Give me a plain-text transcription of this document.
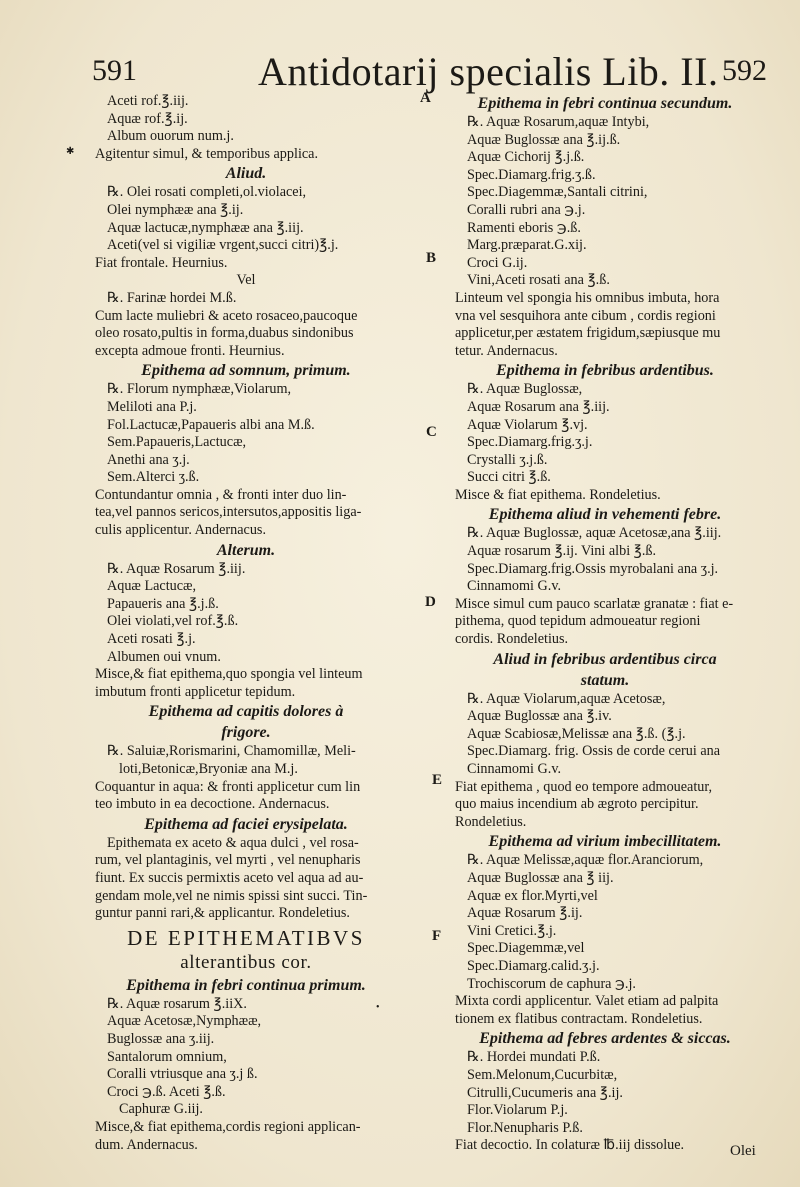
591	Antidotarij specialis Lib. II. 592
✱
A
B
C
D
E
F
Aceti rof.℥.iij.
Aquæ rof.℥.ij.
Album ouorum num.j.
Agitentur simul, & temporibus applica.
Aliud.
℞. Olei rosati completi,ol.violacei,
Olei nymphææ ana ℥.ij.
Aquæ lactucæ,nymphææ ana ℥.iij.
Aceti(vel si vigiliæ vrgent,succi citri)℥.j.
Fiat frontale. Heurnius.
Vel
℞. Farinæ hordei M.ß.
Cum lacte muliebri & aceto rosaceo,paucoque
oleo rosato,pultis in forma,duabus sindonibus
excepta admoue fronti. Heurnius.
Epithema ad somnum, primum.
℞. Florum nymphææ,Violarum,
Meliloti ana P.j.
Fol.Lactucæ,Papaueris albi ana M.ß.
Sem.Papaueris,Lactucæ,
Anethi ana ʒ.j.
Sem.Alterci ʒ.ß.
Contundantur omnia , & fronti inter duo lin-
tea,vel pannos sericos,intersutos,appositis liga-
culis applicentur. Andernacus.
Alterum.
℞. Aquæ Rosarum ℥.iij.
Aquæ Lactucæ,
Papaueris ana ℥.j.ß.
Olei violati,vel rof.℥.ß.
Aceti rosati ℥.j.
Albumen oui vnum.
Misce,& fiat epithema,quo spongia vel linteum
imbutum fronti applicetur tepidum.
Epithema ad capitis dolores à
frigore.
℞. Saluiæ,Rorismarini, Chamomillæ, Meli-
loti,Betonicæ,Bryoniæ ana M.j.
Coquantur in aqua: & fronti applicetur cum lin
teo imbuto in ea decoctione. Andernacus.
Epithema ad faciei erysipelata.
Epithemata ex aceto & aqua dulci , vel rosa-
rum, vel plantaginis, vel myrti , vel nenupharis
fiunt. Ex succis permixtis aceto vel aqua ad au-
gendam mole,vel ne nimis spissi sint succi. Tin-
guntur panni rari,& applicantur. Rondeletius.
DE EPITHEMATIBVS
alterantibus cor.
Epithema in febri continua primum.
℞. Aquæ rosarum ℥.iiX.
Aquæ Acetosæ,Nymphææ,
Buglossæ ana ʒ.iij.
Santalorum omnium,
Coralli vtriusque ana ʒ.j ß.
Croci ℈.ß. Aceti ℥.ß.
Caphuræ G.iij.
Misce,& fiat epithema,cordis regioni applican-
dum. Andernacus.
Epithema in febri continua secundum.
℞. Aquæ Rosarum,aquæ Intybi,
Aquæ Buglossæ ana ℥.ij.ß.
Aquæ Cichorij ℥.j.ß.
Spec.Diamarg.frig.ʒ.ß.
Spec.Diagemmæ,Santali citrini,
Coralli rubri ana ℈.j.
Ramenti eboris ℈.ß.
Marg.præparat.G.xij.
Croci G.ij.
Vini,Aceti rosati ana ℥.ß.
Linteum vel spongia his omnibus imbuta, hora
vna vel sesquihora ante cibum , cordis regioni
applicetur,per æstatem frigidum,sæpiusque mu
tetur. Andernacus.
Epithema in febribus ardentibus.
℞. Aquæ Buglossæ,
Aquæ Rosarum ana ℥.iij.
Aquæ Violarum ℥.vj.
Spec.Diamarg.frig.ʒ.j.
Crystalli ʒ.j.ß.
Succi citri ℥.ß.
Misce & fiat epithema. Rondeletius.
Epithema aliud in vehementi febre.
℞. Aquæ Buglossæ, aquæ Acetosæ,ana ℥.iij.
Aquæ rosarum ℥.ij. Vini albi ℥.ß.
Spec.Diamarg.frig.Ossis myrobalani ana ʒ.j.
Cinnamomi G.v.
Misce simul cum pauco scarlatæ granatæ : fiat e-
pithema, quod tepidum admoueatur regioni
cordis. Rondeletius.
Aliud in febribus ardentibus circa
statum.
℞. Aquæ Violarum,aquæ Acetosæ,
Aquæ Buglossæ ana ℥.iv.
Aquæ Scabiosæ,Melissæ ana ℥.ß. (℥.j.
Spec.Diamarg. frig. Ossis de corde cerui ana
Cinnamomi G.v.
Fiat epithema , quod eo tempore admoueatur,
quo maius incendium ab ægroto percipitur.
Rondeletius.
Epithema ad virium imbecillitatem.
℞. Aquæ Melissæ,aquæ flor.Aranciorum,
Aquæ Buglossæ ana ℥ iij.
Aquæ ex flor.Myrti,vel
Aquæ Rosarum ℥.ij.
Vini Cretici.℥.j.
Spec.Diagemmæ,vel
Spec.Diamarg.calid.ʒ.j.
Trochiscorum de caphura ℈.j.
Mixta cordi applicentur. Valet etiam ad palpita
tionem ex flatibus contractam. Rondeletius.
Epithema ad febres ardentes & siccas.
℞. Hordei mundati P.ß.
Sem.Melonum,Cucurbitæ,
Citrulli,Cucumeris ana ℥.ij.
Flor.Violarum P.j.
Flor.Nenupharis P.ß.
Fiat decoctio. In colaturæ ℔.iij dissolue.
•
Olei
